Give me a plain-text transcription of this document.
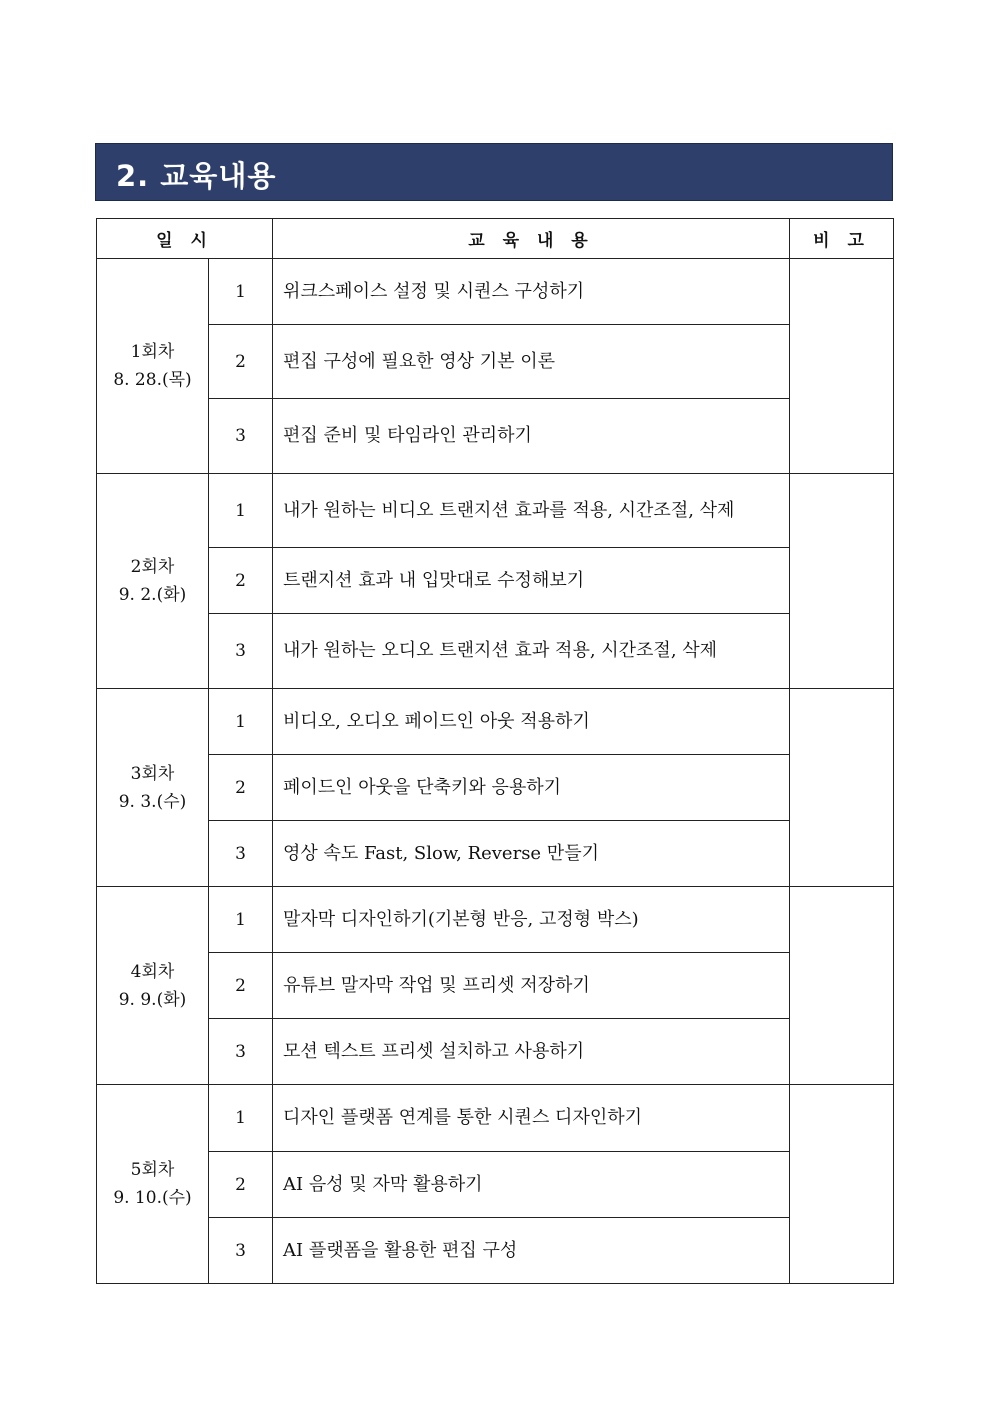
2. 교육내용
일 시		교 육 내 용	비 고

1회차
8. 28.(목)	1	위크스페이스 설정 및 시퀀스 구성하기	
	2	편집 구성에 필요한 영상 기본 이론	
	3	편집 준비 및 타임라인 관리하기	

2회차
9. 2.(화)	1	내가 원하는 비디오 트랜지션 효과를 적용, 시간조절, 삭제	
	2	트랜지션 효과 내 입맛대로 수정해보기	
	3	내가 원하는 오디오 트랜지션 효과 적용, 시간조절, 삭제	

3회차
9. 3.(수)	1	비디오, 오디오 페이드인 아웃 적용하기	
	2	페이드인 아웃을 단축키와 응용하기	
	3	영상 속도 Fast, Slow, Reverse 만들기	

4회차
9. 9.(화)	1	말자막 디자인하기(기본형 반응, 고정형 박스)	
	2	유튜브 말자막 작업 및 프리셋 저장하기	
	3	모션 텍스트 프리셋 설치하고 사용하기	

5회차
9. 10.(수)	1	디자인 플랫폼 연계를 통한 시퀀스 디자인하기	
	2	AI 음성 및 자막 활용하기	
	3	AI 플랫폼을 활용한 편집 구성	
